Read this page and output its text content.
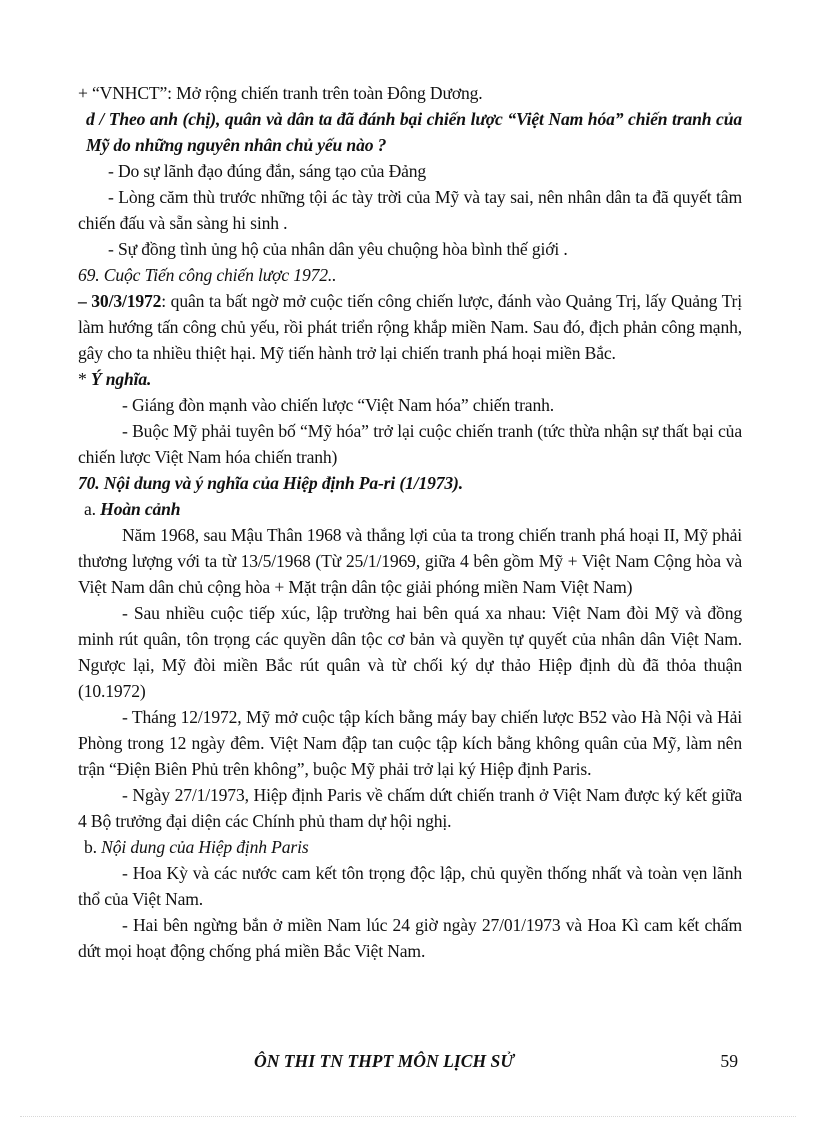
+ “VNHCT”: Mở rộng chiến tranh trên toàn Đông Dương.

d / Theo anh (chị), quân và dân ta đã đánh bại chiến lược “Việt Nam hóa” chiến tranh của Mỹ do những nguyên nhân chủ yếu nào ?

- Do sự lãnh đạo đúng đắn, sáng tạo của Đảng

- Lòng căm thù trước những tội ác tày trời của Mỹ và tay sai, nên nhân dân ta đã quyết tâm chiến đấu và sẵn sàng hi sinh .

- Sự đồng tình ủng hộ của nhân dân yêu chuộng hòa bình thế giới .

69. Cuộc Tiến công chiến lược 1972..

– 30/3/1972: quân ta bất ngờ mở cuộc tiến công chiến lược, đánh vào Quảng Trị, lấy Quảng Trị làm hướng tấn công chủ yếu, rồi phát triển rộng khắp miền Nam. Sau đó, địch phản công mạnh, gây cho ta nhiều thiệt hại. Mỹ tiến hành trở lại chiến tranh phá hoại miền Bắc.

* Ý nghĩa.

- Giáng đòn mạnh vào chiến lược “Việt Nam hóa” chiến tranh.

- Buộc Mỹ phải tuyên bố “Mỹ hóa” trở lại cuộc chiến tranh (tức thừa nhận sự thất bại của chiến lược Việt Nam hóa chiến tranh)

70. Nội dung và ý nghĩa của Hiệp định Pa-ri (1/1973).

a. Hoàn cảnh

Năm 1968, sau Mậu Thân 1968 và thắng lợi của ta trong chiến tranh phá hoại II, Mỹ phải thương lượng với ta từ 13/5/1968 (Từ 25/1/1969, giữa 4 bên gồm Mỹ + Việt Nam Cộng hòa và Việt Nam dân chủ cộng hòa + Mặt trận dân tộc giải phóng miền Nam Việt Nam)

- Sau nhiều cuộc tiếp xúc, lập trường hai bên quá xa nhau: Việt Nam đòi Mỹ và đồng minh rút quân, tôn trọng các quyền dân tộc cơ bản và quyền tự quyết của nhân dân Việt Nam. Ngược lại, Mỹ đòi miền Bắc rút quân và từ chối ký dự thảo Hiệp định dù đã thỏa thuận (10.1972)

- Tháng 12/1972, Mỹ mở cuộc tập kích bằng máy bay chiến lược B52 vào Hà Nội và Hải Phòng trong 12 ngày đêm. Việt Nam đập tan cuộc tập kích bằng không quân của Mỹ, làm nên trận “Điện Biên Phủ trên không”, buộc Mỹ phải trở lại ký Hiệp định Paris.

- Ngày 27/1/1973, Hiệp định Paris về chấm dứt chiến tranh ở Việt Nam được ký kết giữa 4 Bộ trưởng đại diện các Chính phủ tham dự hội nghị.

b. Nội dung của Hiệp định Paris

- Hoa Kỳ và các nước cam kết tôn trọng độc lập, chủ quyền thống nhất và toàn vẹn lãnh thổ của Việt Nam.

- Hai bên ngừng bắn ở miền Nam lúc 24 giờ ngày 27/01/1973 và Hoa Kì cam kết chấm dứt mọi hoạt động chống phá miền Bắc Việt Nam.

ÔN THI TN THPT MÔN LỊCH SỬ	59
